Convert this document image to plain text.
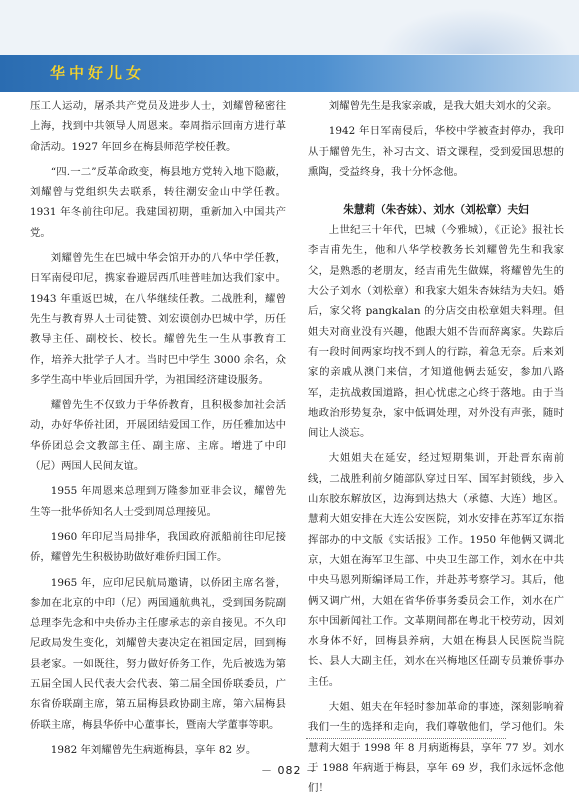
华中好儿女

压工人运动，屠杀共产党员及进步人士，刘耀曾秘密往上海，找到中共领导人周恩来。奉周指示回南方进行革命活动。1927 年回乡在梅县师范学校任教。

“四.一二”反革命政变，梅县地方党转入地下隐蔽，刘耀曾与党组织失去联系，转往潮安金山中学任教。1931 年冬前往印尼。我建国初期，重新加入中国共产党。

刘耀曾先生在巴城中华会馆开办的八华中学任教，日军南侵印尼，携家眷避居西爪哇普哇加达我们家中。1943 年重返巴城，在八华继续任教。二战胜利，耀曾先生与教育界人士司徒赞、刘宏谟创办巴城中学，历任教导主任、副校长、校长。耀曾先生一生从事教育工作，培养大批学子人才。当时巴中学生 3000 余名，众多学生高中毕业后回国升学，为祖国经济建设服务。

耀曾先生不仅致力于华侨教育，且积极参加社会活动，办好华侨社团，开展团结爱国工作，历任雅加达中华侨团总会文教部主任、副主席、主席。增进了中印（尼）两国人民间友谊。

1955 年周恩来总理到万隆参加亚非会议，耀曾先生等一批华侨知名人士受到周总理接见。

1960 年印尼当局排华，我国政府派船前往印尼接侨，耀曾先生积极协助做好难侨归国工作。

1965 年，应印尼民航局邀请，以侨团主席名誉，参加在北京的中印（尼）两国通航典礼，受到国务院副总理李先念和中央侨办主任廖承志的亲自接见。不久印尼政局发生变化，刘耀曾夫妻决定在祖国定居，回到梅县老家。一如既往，努力做好侨务工作，先后被选为第五届全国人民代表大会代表、第二届全国侨联委员，广东省侨联副主席，第五届梅县政协副主席，第六届梅县侨联主席，梅县华侨中心董事长，暨南大学董事等职。

1982 年刘耀曾先生病逝梅县，享年 82 岁。

刘耀曾先生是我家亲戚，是我大姐夫刘水的父亲。

1942 年日军南侵后，华校中学被查封停办，我印从于耀曾先生，补习古文、语文课程，受到爱国思想的熏陶，受益终身，我十分怀念他。

朱慧莉（朱杏妹）、刘水（刘松章）夫妇

上世纪三十年代，巴城（今雅城），《正论》报社长李吉甫先生，他和八华学校教务长刘耀曾先生和我家父，是熟悉的老朋友，经吉甫先生做媒，将耀曾先生的大公子刘水（刘松章）和我家大姐朱杏妹结为夫妇。婚后，家父将 pangkalan 的分店交由松章姐夫料理。但姐夫对商业没有兴趣，他跟大姐不告而辞离家。失踪后有一段时间两家均找不到人的行踪，着急无奈。后来刘家的亲戚从澳门来信，才知道他俩去延安，参加八路军，走抗战救国道路，担心忧虑之心终于落地。由于当地政治形势复杂，家中低调处理，对外没有声张，随时间让人淡忘。

大姐姐夫在延安，经过短期集训，开赴晋东南前线，二战胜利前夕随部队穿过日军、国军封锁线，步入山东胶东解放区，边海到达热大（承德、大连）地区。慧莉大姐安排在大连公安医院，刘水安排在苏军辽东指挥部办的中文版《实话报》工作。1950 年他俩又调北京，大姐在海军卫生部、中央卫生部工作，刘水在中共中央马恩列斯编译局工作，并赴苏考察学习。其后，他俩又调广州，大姐在省华侨事务委员会工作，刘水在广东中国新闻社工作。文革期间都在粤北干校劳动，因刘水身体不好，回梅县养病，大姐在梅县人民医院当院长、县人大副主任，刘水在兴梅地区任副专员兼侨事办主任。

大姐、姐夫在年轻时参加革命的事迹，深刻影响着我们一生的选择和走向，我们尊敬他们，学习他们。朱慧莉大姐于 1998 年 8 月病逝梅县，享年 77 岁。刘水于 1988 年病逝于梅县，享年 69 岁，我们永远怀念他们！

－ 082 －
